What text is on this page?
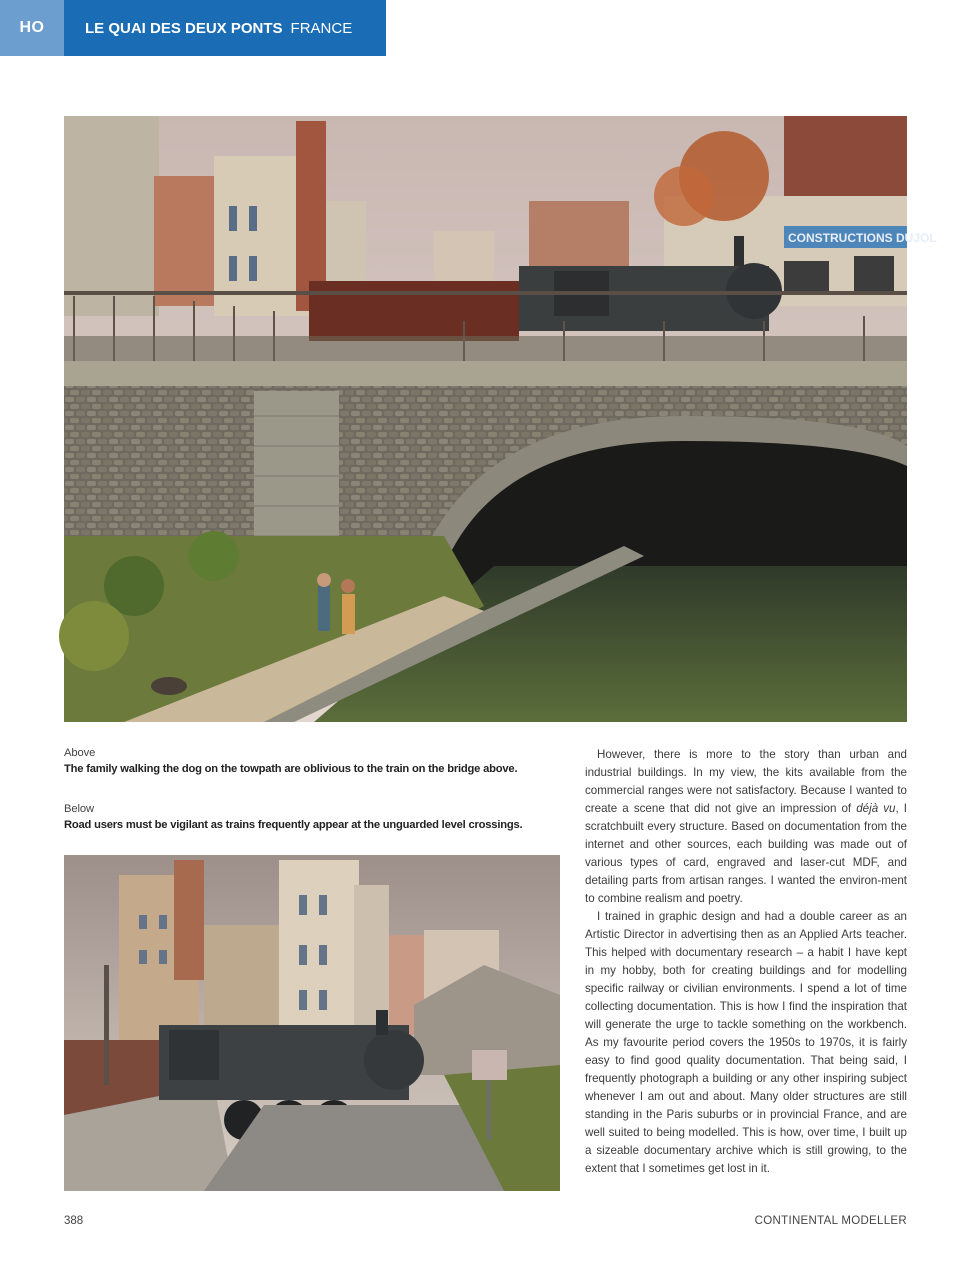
HO	LE QUAI DES DEUX PONTS FRANCE
CONSTRUCTIONS DUJOL
Above
The family walking the dog on the towpath are oblivious to the train on the bridge above.
Below
Road users must be vigilant as trains frequently appear at the unguarded level crossings.

However, there is more to the story than urban and industrial buildings. In my view, the kits available from the commercial ranges were not satisfactory. Because I wanted to create a scene that did not give an impression of déjà vu, I scratchbuilt every structure. Based on documentation from the internet and other sources, each building was made out of various types of card, engraved and laser-cut MDF, and detailing parts from artisan ranges. I wanted the environ-ment to combine realism and poetry.

I trained in graphic design and had a double career as an Artistic Director in advertising then as an Applied Arts teacher. This helped with documentary research – a habit I have kept in my hobby, both for creating buildings and for modelling specific railway or civilian environments. I spend a lot of time collecting documentation. This is how I find the inspiration that will generate the urge to tackle something on the workbench. As my favourite period covers the 1950s to 1970s, it is fairly easy to find good quality documentation. That being said, I frequently photograph a building or any other inspiring subject whenever I am out and about. Many older structures are still standing in the Paris suburbs or in provincial France, and are well suited to being modelled. This is how, over time, I built up a sizeable documentary archive which is still growing, to the extent that I sometimes get lost in it.

388	CONTINENTAL MODELLER
